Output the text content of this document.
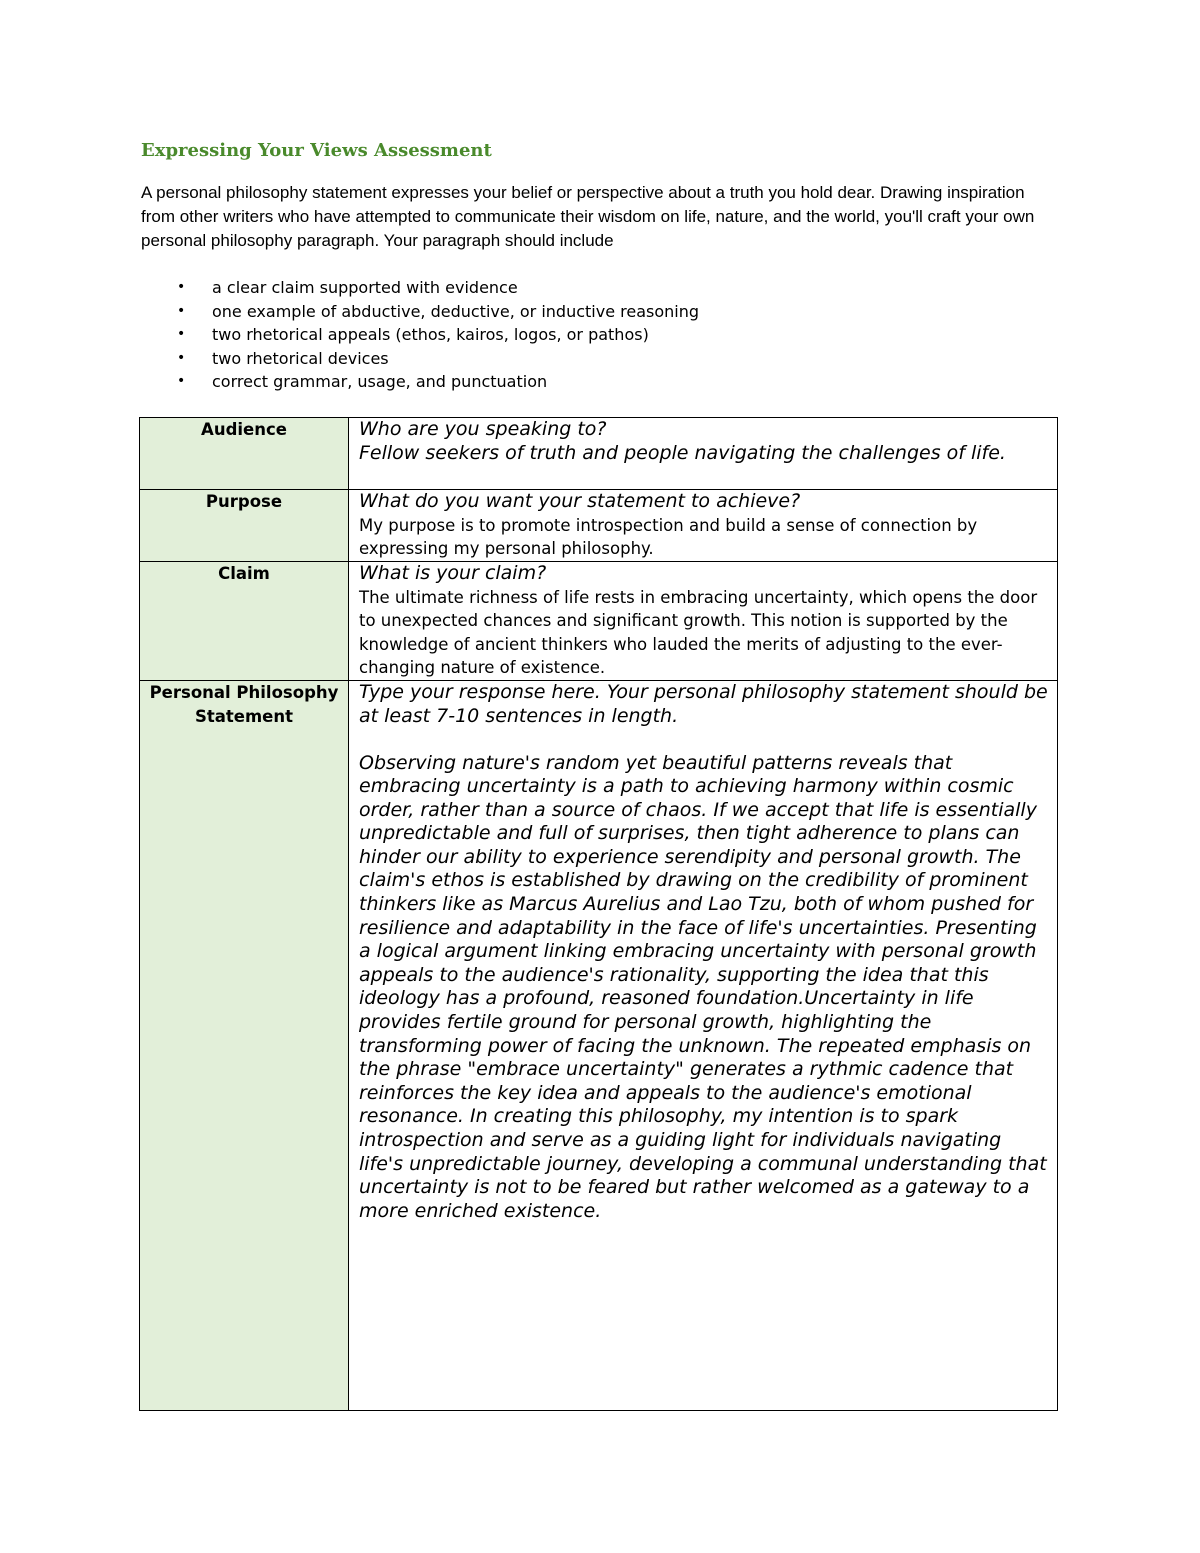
Expressing Your Views Assessment

A personal philosophy statement expresses your belief or perspective about a truth you hold dear. Drawing inspiration from other writers who have attempted to communicate their wisdom on life, nature, and the world, you'll craft your own personal philosophy paragraph. Your paragraph should include

• a clear claim supported with evidence
• one example of abductive, deductive, or inductive reasoning
• two rhetorical appeals (ethos, kairos, logos, or pathos)
• two rhetorical devices
• correct grammar, usage, and punctuation
Audience	Who are you speaking to?

Fellow seekers of truth and people navigating the challenges of life.

Purpose	What do you want your statement to achieve?

My purpose is to promote introspection and build a sense of connection by expressing my personal philosophy.

Claim	What is your claim?

The ultimate richness of life rests in embracing uncertainty, which opens the door to unexpected chances and significant growth. This notion is supported by the knowledge of ancient thinkers who lauded the merits of adjusting to the ever-changing nature of existence.

Personal Philosophy Statement	Type your response here. Your personal philosophy statement should be at least 7-10 sentences in length.

Observing nature's random yet beautiful patterns reveals that embracing uncertainty is a path to achieving harmony within cosmic order, rather than a source of chaos. If we accept that life is essentially unpredictable and full of surprises, then tight adherence to plans can hinder our ability to experience serendipity and personal growth. The claim's ethos is established by drawing on the credibility of prominent thinkers like as Marcus Aurelius and Lao Tzu, both of whom pushed for resilience and adaptability in the face of life's uncertainties. Presenting a logical argument linking embracing uncertainty with personal growth appeals to the audience's rationality, supporting the idea that this ideology has a profound, reasoned foundation.Uncertainty in life provides fertile ground for personal growth, highlighting the transforming power of facing the unknown. The repeated emphasis on the phrase "embrace uncertainty" generates a rythmic cadence that reinforces the key idea and appeals to the audience's emotional resonance. In creating this philosophy, my intention is to spark introspection and serve as a guiding light for individuals navigating life's unpredictable journey, developing a communal understanding that uncertainty is not to be feared but rather welcomed as a gateway to a more enriched existence.
